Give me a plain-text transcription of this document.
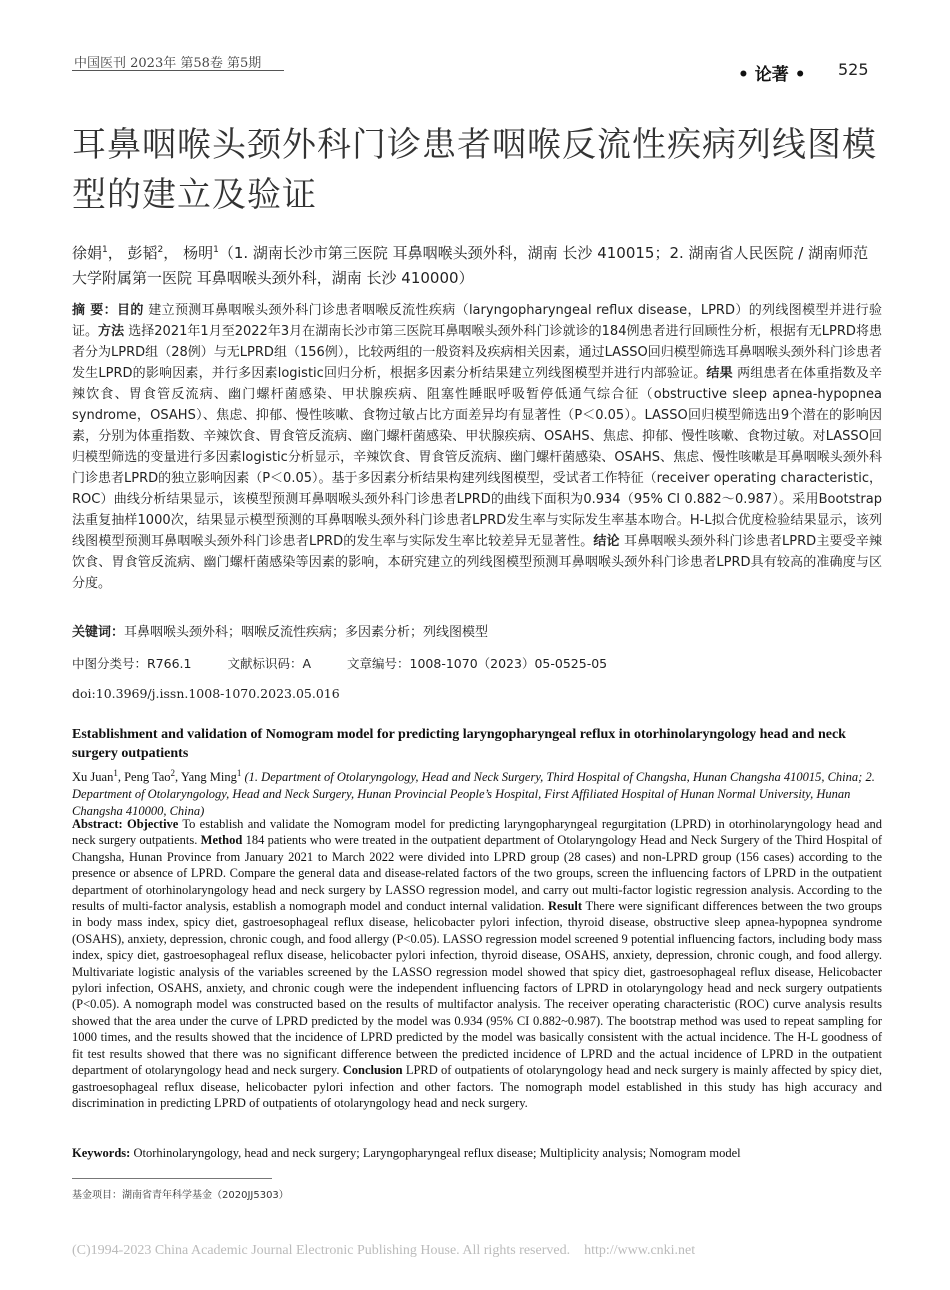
中国医刊 2023年 第58卷 第5期
• 论著 • 525
耳鼻咽喉头颈外科门诊患者咽喉反流性疾病列线图模型的建立及验证
徐娟$^1$， 彭韬$^2$， 杨明$^1$（1. 湖南长沙市第三医院 耳鼻咽喉头颈外科，湖南 长沙 410015；2. 湖南省人民医院 / 湖南师范大学附属第一医院 耳鼻咽喉头颈外科，湖南 长沙 410000）
摘 要：目的 建立预测耳鼻咽喉头颈外科门诊患者咽喉反流性疾病（laryngopharyngeal reflux disease，LPRD）的列线图模型并进行验证。方法 选择2021年1月至2022年3月在湖南长沙市第三医院耳鼻咽喉头颈外科门诊就诊的184例患者进行回顾性分析，根据有无LPRD将患者分为LPRD组（28例）与无LPRD组（156例），比较两组的一般资料及疾病相关因素，通过LASSO回归模型筛选耳鼻咽喉头颈外科门诊患者发生LPRD的影响因素，并行多因素logistic回归分析，根据多因素分析结果建立列线图模型并进行内部验证。结果 两组患者在体重指数及辛辣饮食、胃食管反流病、幽门螺杆菌感染、甲状腺疾病、阻塞性睡眠呼吸暂停低通气综合征（obstructive sleep apnea-hypopnea syndrome，OSAHS）、焦虑、抑郁、慢性咳嗽、食物过敏占比方面差异均有显著性（P＜0.05）。LASSO回归模型筛选出9个潜在的影响因素，分别为体重指数、辛辣饮食、胃食管反流病、幽门螺杆菌感染、甲状腺疾病、OSAHS、焦虑、抑郁、慢性咳嗽、食物过敏。对LASSO回归模型筛选的变量进行多因素logistic分析显示，辛辣饮食、胃食管反流病、幽门螺杆菌感染、OSAHS、焦虑、慢性咳嗽是耳鼻咽喉头颈外科门诊患者LPRD的独立影响因素（P＜0.05）。基于多因素分析结果构建列线图模型，受试者工作特征（receiver operating characteristic，ROC）曲线分析结果显示，该模型预测耳鼻咽喉头颈外科门诊患者LPRD的曲线下面积为0.934（95% CI 0.882～0.987）。采用Bootstrap法重复抽样1000次，结果显示模型预测的耳鼻咽喉头颈外科门诊患者LPRD发生率与实际发生率基本吻合。H-L拟合优度检验结果显示，该列线图模型预测耳鼻咽喉头颈外科门诊患者LPRD的发生率与实际发生率比较差异无显著性。结论 耳鼻咽喉头颈外科门诊患者LPRD主要受辛辣饮食、胃食管反流病、幽门螺杆菌感染等因素的影响，本研究建立的列线图模型预测耳鼻咽喉头颈外科门诊患者LPRD具有较高的准确度与区分度。
关键词：耳鼻咽喉头颈外科；咽喉反流性疾病；多因素分析；列线图模型
中图分类号：R766.1	文献标识码：A	文章编号：1008-1070（2023）05-0525-05
doi:10.3969/j.issn.1008-1070.2023.05.016
Establishment and validation of Nomogram model for predicting laryngopharyngeal reflux in otorhinolaryngology head and neck surgery outpatients
Xu Juan$^1$, Peng Tao$^2$, Yang Ming$^1$ (1. Department of Otolaryngology, Head and Neck Surgery, Third Hospital of Changsha, Hunan Changsha 410015, China; 2. Department of Otolaryngology, Head and Neck Surgery, Hunan Provincial People’s Hospital, First Affiliated Hospital of Hunan Normal University, Hunan Changsha 410000, China)
Abstract: Objective To establish and validate the Nomogram model for predicting laryngopharyngeal regurgitation (LPRD) in otorhinolaryngology head and neck surgery outpatients. Method 184 patients who were treated in the outpatient department of Otolaryngology Head and Neck Surgery of the Third Hospital of Changsha, Hunan Province from January 2021 to March 2022 were divided into LPRD group (28 cases) and non-LPRD group (156 cases) according to the presence or absence of LPRD. Compare the general data and disease-related factors of the two groups, screen the influencing factors of LPRD in the outpatient department of otorhinolaryngology head and neck surgery by LASSO regression model, and carry out multi-factor logistic regression analysis. According to the results of multi-factor analysis, establish a nomograph model and conduct internal validation. Result There were significant differences between the two groups in body mass index, spicy diet, gastroesophageal reflux disease, helicobacter pylori infection, thyroid disease, obstructive sleep apnea-hypopnea syndrome (OSAHS), anxiety, depression, chronic cough, and food allergy (P<0.05). LASSO regression model screened 9 potential influencing factors, including body mass index, spicy diet, gastroesophageal reflux disease, helicobacter pylori infection, thyroid disease, OSAHS, anxiety, depression, chronic cough, and food allergy. Multivariate logistic analysis of the variables screened by the LASSO regression model showed that spicy diet, gastroesophageal reflux disease, Helicobacter pylori infection, OSAHS, anxiety, and chronic cough were the independent influencing factors of LPRD in otolaryngology head and neck surgery outpatients (P<0.05). A nomograph model was constructed based on the results of multifactor analysis. The receiver operating characteristic (ROC) curve analysis results showed that the area under the curve of LPRD predicted by the model was 0.934 (95% CI 0.882~0.987). The bootstrap method was used to repeat sampling for 1000 times, and the results showed that the incidence of LPRD predicted by the model was basically consistent with the actual incidence. The H-L goodness of fit test results showed that there was no significant difference between the predicted incidence of LPRD and the actual incidence of LPRD in the outpatient department of otolaryngology head and neck surgery. Conclusion LPRD of outpatients of otolaryngology head and neck surgery is mainly affected by spicy diet, gastroesophageal reflux disease, helicobacter pylori infection and other factors. The nomograph model established in this study has high accuracy and discrimination in predicting LPRD of outpatients of otolaryngology head and neck surgery.
Keywords: Otorhinolaryngology, head and neck surgery; Laryngopharyngeal reflux disease; Multiplicity analysis; Nomogram model
基金项目：湖南省青年科学基金（2020JJ5303）
(C)1994-2023 China Academic Journal Electronic Publishing House. All rights reserved. http://www.cnki.net
